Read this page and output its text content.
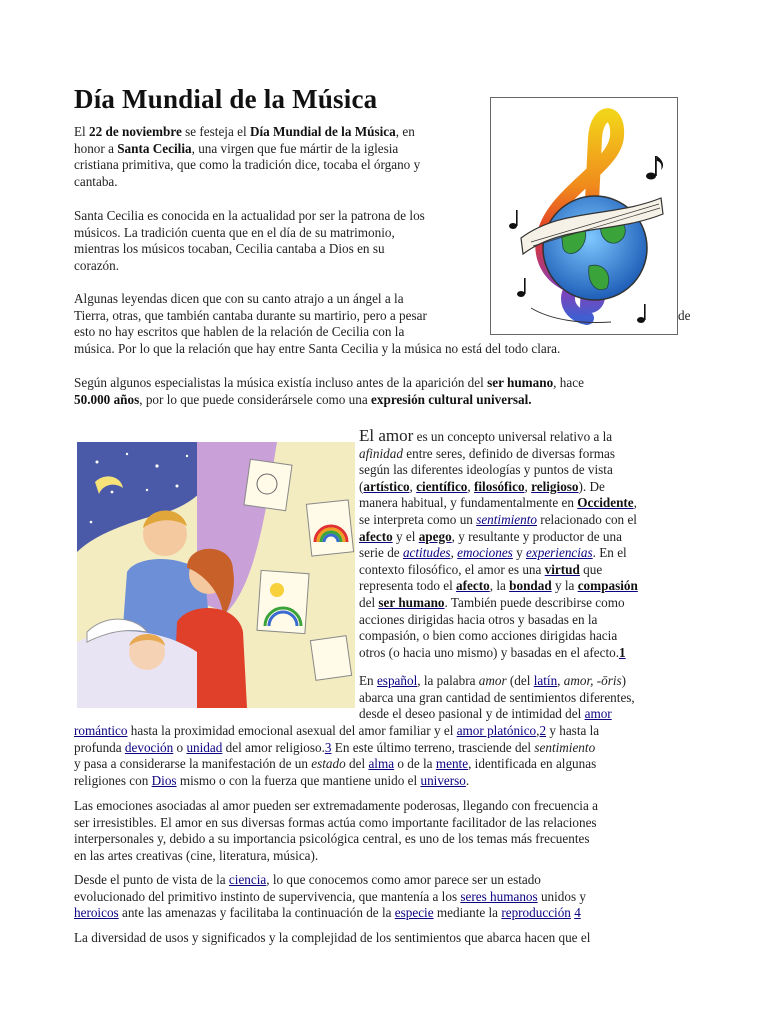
Día Mundial de la Música
El 22 de noviembre se festeja el Día Mundial de la Música, en
honor a Santa Cecilia, una virgen que fue mártir de la iglesia
cristiana primitiva, que como la tradición dice, tocaba el órgano y
cantaba.
Santa Cecilia es conocida en la actualidad por ser la patrona de los
músicos. La tradición cuenta que en el día de su matrimonio,
mientras los músicos tocaban, Cecilia cantaba a Dios en su
corazón.
Algunas leyendas dicen que con su canto atrajo a un ángel a la
Tierra, otras, que también cantaba durante su martirio, pero a pesar
esto no hay escritos que hablen de la relación de Cecilia con la
música. Por lo que la relación que hay entre Santa Cecilia y la música no está del todo clara.
de
Según algunos especialistas la música existía incluso antes de la aparición del ser humano, hace
50.000 años, por lo que puede considerársele como una expresión cultural universal.
El amor es un concepto universal relativo a la
afinidad entre seres, definido de diversas formas
según las diferentes ideologías y puntos de vista
(artístico, científico, filosófico, religioso). De
manera habitual, y fundamentalmente en Occidente,
se interpreta como un sentimiento relacionado con el
afecto y el apego, y resultante y productor de una
serie de actitudes, emociones y experiencias. En el
contexto filosófico, el amor es una virtud que
representa todo el afecto, la bondad y la compasión
del ser humano. También puede describirse como
acciones dirigidas hacia otros y basadas en la
compasión, o bien como acciones dirigidas hacia
otros (o hacia uno mismo) y basadas en el afecto.1
En español, la palabra amor (del latín, amor, -ōris)
abarca una gran cantidad de sentimientos diferentes,
desde el deseo pasional y de intimidad del amor
romántico hasta la proximidad emocional asexual del amor familiar y el amor platónico,2 y hasta la
profunda devoción o unidad del amor religioso.3 En este último terreno, trasciende del sentimiento
y pasa a considerarse la manifestación de un estado del alma o de la mente, identificada en algunas
religiones con Dios mismo o con la fuerza que mantiene unido el universo.
Las emociones asociadas al amor pueden ser extremadamente poderosas, llegando con frecuencia a
ser irresistibles. El amor en sus diversas formas actúa como importante facilitador de las relaciones
interpersonales y, debido a su importancia psicológica central, es uno de los temas más frecuentes
en las artes creativas (cine, literatura, música).
Desde el punto de vista de la ciencia, lo que conocemos como amor parece ser un estado
evolucionado del primitivo instinto de supervivencia, que mantenía a los seres humanos unidos y
heroicos ante las amenazas y facilitaba la continuación de la especie mediante la reproducción 4
La diversidad de usos y significados y la complejidad de los sentimientos que abarca hacen que el
